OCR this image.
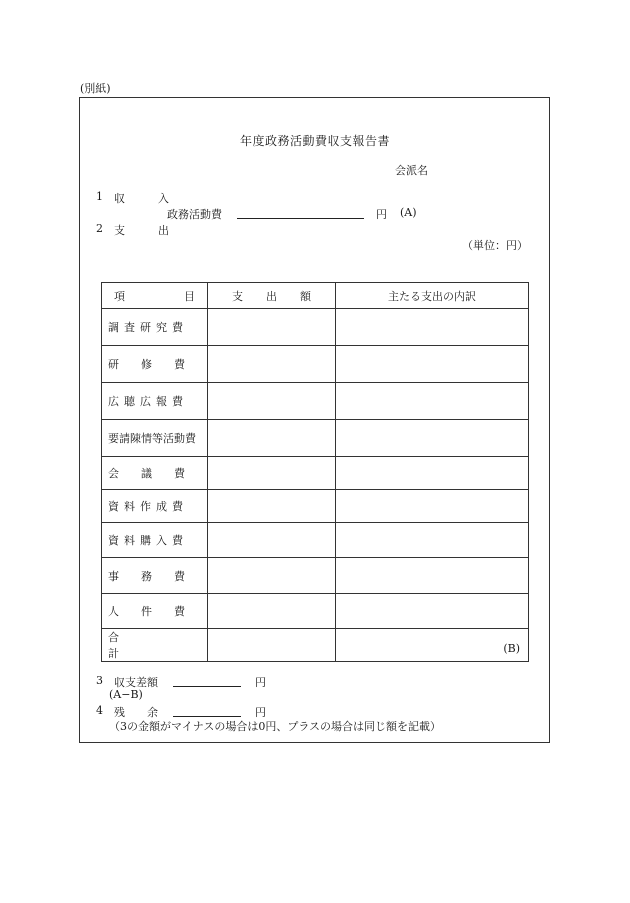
(別紙)
年度政務活動費収支報告書
会派名
1 収　　　入
政務活動費	円 (A)
2 支　　　出
（単位：円）
項 目	支 出 額	主たる支出の内訳
調査研究費		
研修費		
広聴広報費		
要請陳情等活動費		
会議費		
資料作成費		
資料購入費		
事務費		
人件費		
合計		(B)
3 収支差額	円
(A−B)
4 残　　余	円
（3の金額がマイナスの場合は0円、プラスの場合は同じ額を記載）
